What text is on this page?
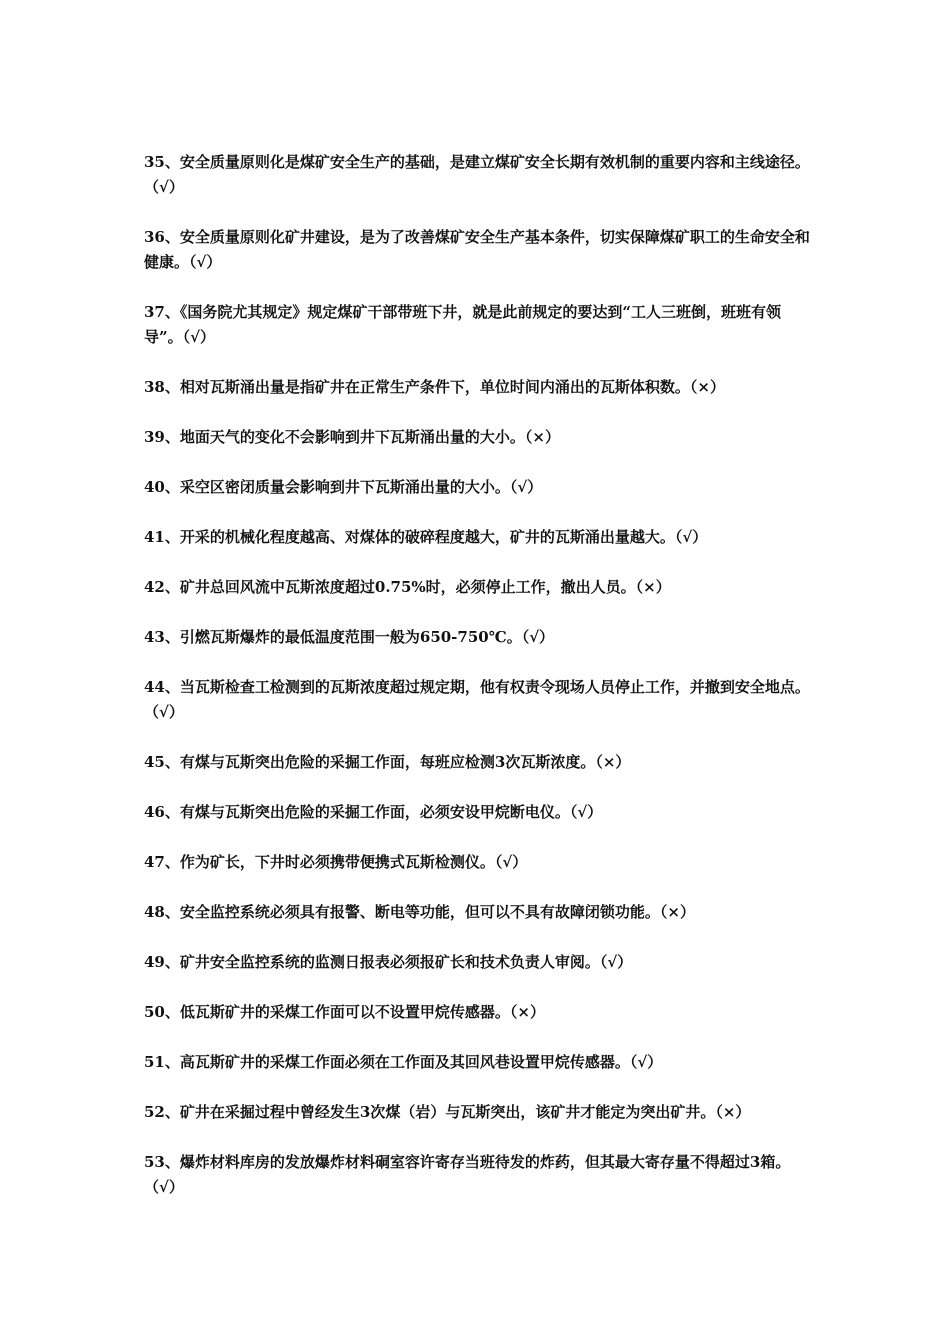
35、安全质量原则化是煤矿安全生产的基础，是建立煤矿安全长期有效机制的重要内容和主线途径。（√）

36、安全质量原则化矿井建设，是为了改善煤矿安全生产基本条件，切实保障煤矿职工的生命安全和健康。（√）

37、《国务院尤其规定》规定煤矿干部带班下井，就是此前规定的要达到“工人三班倒，班班有领导”。（√）

38、相对瓦斯涌出量是指矿井在正常生产条件下，单位时间内涌出的瓦斯体积数。（×）

39、地面天气的变化不会影响到井下瓦斯涌出量的大小。（×）

40、采空区密闭质量会影响到井下瓦斯涌出量的大小。（√）

41、开采的机械化程度越高、对煤体的破碎程度越大，矿井的瓦斯涌出量越大。（√）

42、矿井总回风流中瓦斯浓度超过0.75%时，必须停止工作，撤出人员。（×）

43、引燃瓦斯爆炸的最低温度范围一般为650-750℃。（√）

44、当瓦斯检查工检测到的瓦斯浓度超过规定期，他有权责令现场人员停止工作，并撤到安全地点。（√）

45、有煤与瓦斯突出危险的采掘工作面，每班应检测3次瓦斯浓度。（×）

46、有煤与瓦斯突出危险的采掘工作面，必须安设甲烷断电仪。（√）

47、作为矿长，下井时必须携带便携式瓦斯检测仪。（√）

48、安全监控系统必须具有报警、断电等功能，但可以不具有故障闭锁功能。（×）

49、矿井安全监控系统的监测日报表必须报矿长和技术负责人审阅。（√）

50、低瓦斯矿井的采煤工作面可以不设置甲烷传感器。（×）

51、高瓦斯矿井的采煤工作面必须在工作面及其回风巷设置甲烷传感器。（√）

52、矿井在采掘过程中曾经发生3次煤（岩）与瓦斯突出，该矿井才能定为突出矿井。（×）

53、爆炸材料库房的发放爆炸材料硐室容许寄存当班待发的炸药，但其最大寄存量不得超过3箱。（√）
